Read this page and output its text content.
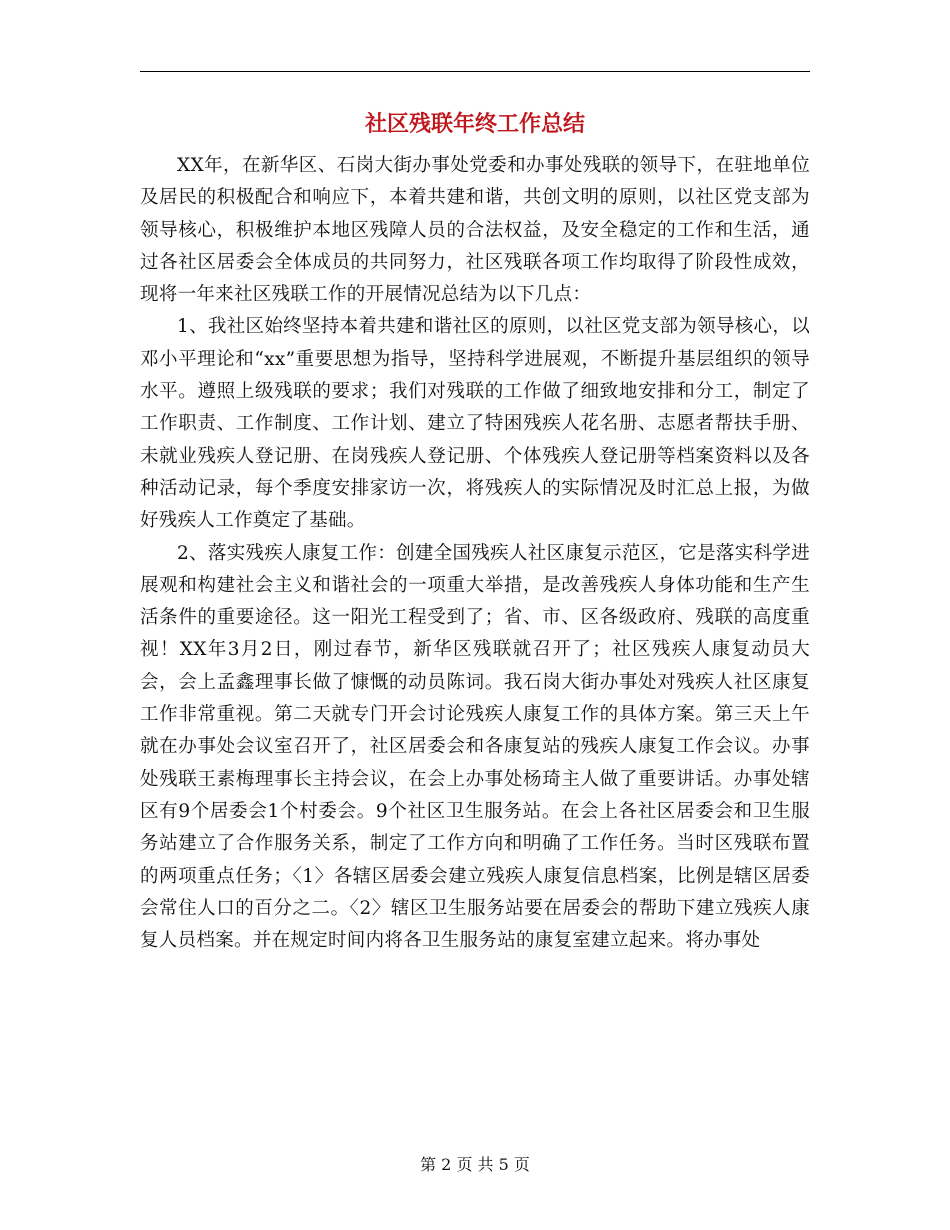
社区残联年终工作总结

XX年，在新华区、石岗大街办事处党委和办事处残联的领导下，在驻地单位及居民的积极配合和响应下，本着共建和谐，共创文明的原则，以社区党支部为领导核心，积极维护本地区残障人员的合法权益，及安全稳定的工作和生活，通过各社区居委会全体成员的共同努力，社区残联各项工作均取得了阶段性成效，现将一年来社区残联工作的开展情况总结为以下几点：

1、我社区始终坚持本着共建和谐社区的原则，以社区党支部为领导核心，以邓小平理论和“xx”重要思想为指导，坚持科学进展观，不断提升基层组织的领导水平。遵照上级残联的要求；我们对残联的工作做了细致地安排和分工，制定了工作职责、工作制度、工作计划、建立了特困残疾人花名册、志愿者帮扶手册、未就业残疾人登记册、在岗残疾人登记册、个体残疾人登记册等档案资料以及各种活动记录，每个季度安排家访一次，将残疾人的实际情况及时汇总上报，为做好残疾人工作奠定了基础。

2、落实残疾人康复工作：创建全国残疾人社区康复示范区，它是落实科学进展观和构建社会主义和谐社会的一项重大举措，是改善残疾人身体功能和生产生活条件的重要途径。这一阳光工程受到了；省、市、区各级政府、残联的高度重视！XX年3月2日，刚过春节，新华区残联就召开了；社区残疾人康复动员大会，会上孟鑫理事长做了慷慨的动员陈词。我石岗大街办事处对残疾人社区康复工作非常重视。第二天就专门开会讨论残疾人康复工作的具体方案。第三天上午就在办事处会议室召开了，社区居委会和各康复站的残疾人康复工作会议。办事处残联王素梅理事长主持会议，在会上办事处杨琦主人做了重要讲话。办事处辖区有9个居委会1个村委会。9个社区卫生服务站。在会上各社区居委会和卫生服务站建立了合作服务关系，制定了工作方向和明确了工作任务。当时区残联布置的两项重点任务；〈1〉各辖区居委会建立残疾人康复信息档案，比例是辖区居委会常住人口的百分之二。〈2〉辖区卫生服务站要在居委会的帮助下建立残疾人康复人员档案。并在规定时间内将各卫生服务站的康复室建立起来。将办事处

第 2 页 共 5 页
